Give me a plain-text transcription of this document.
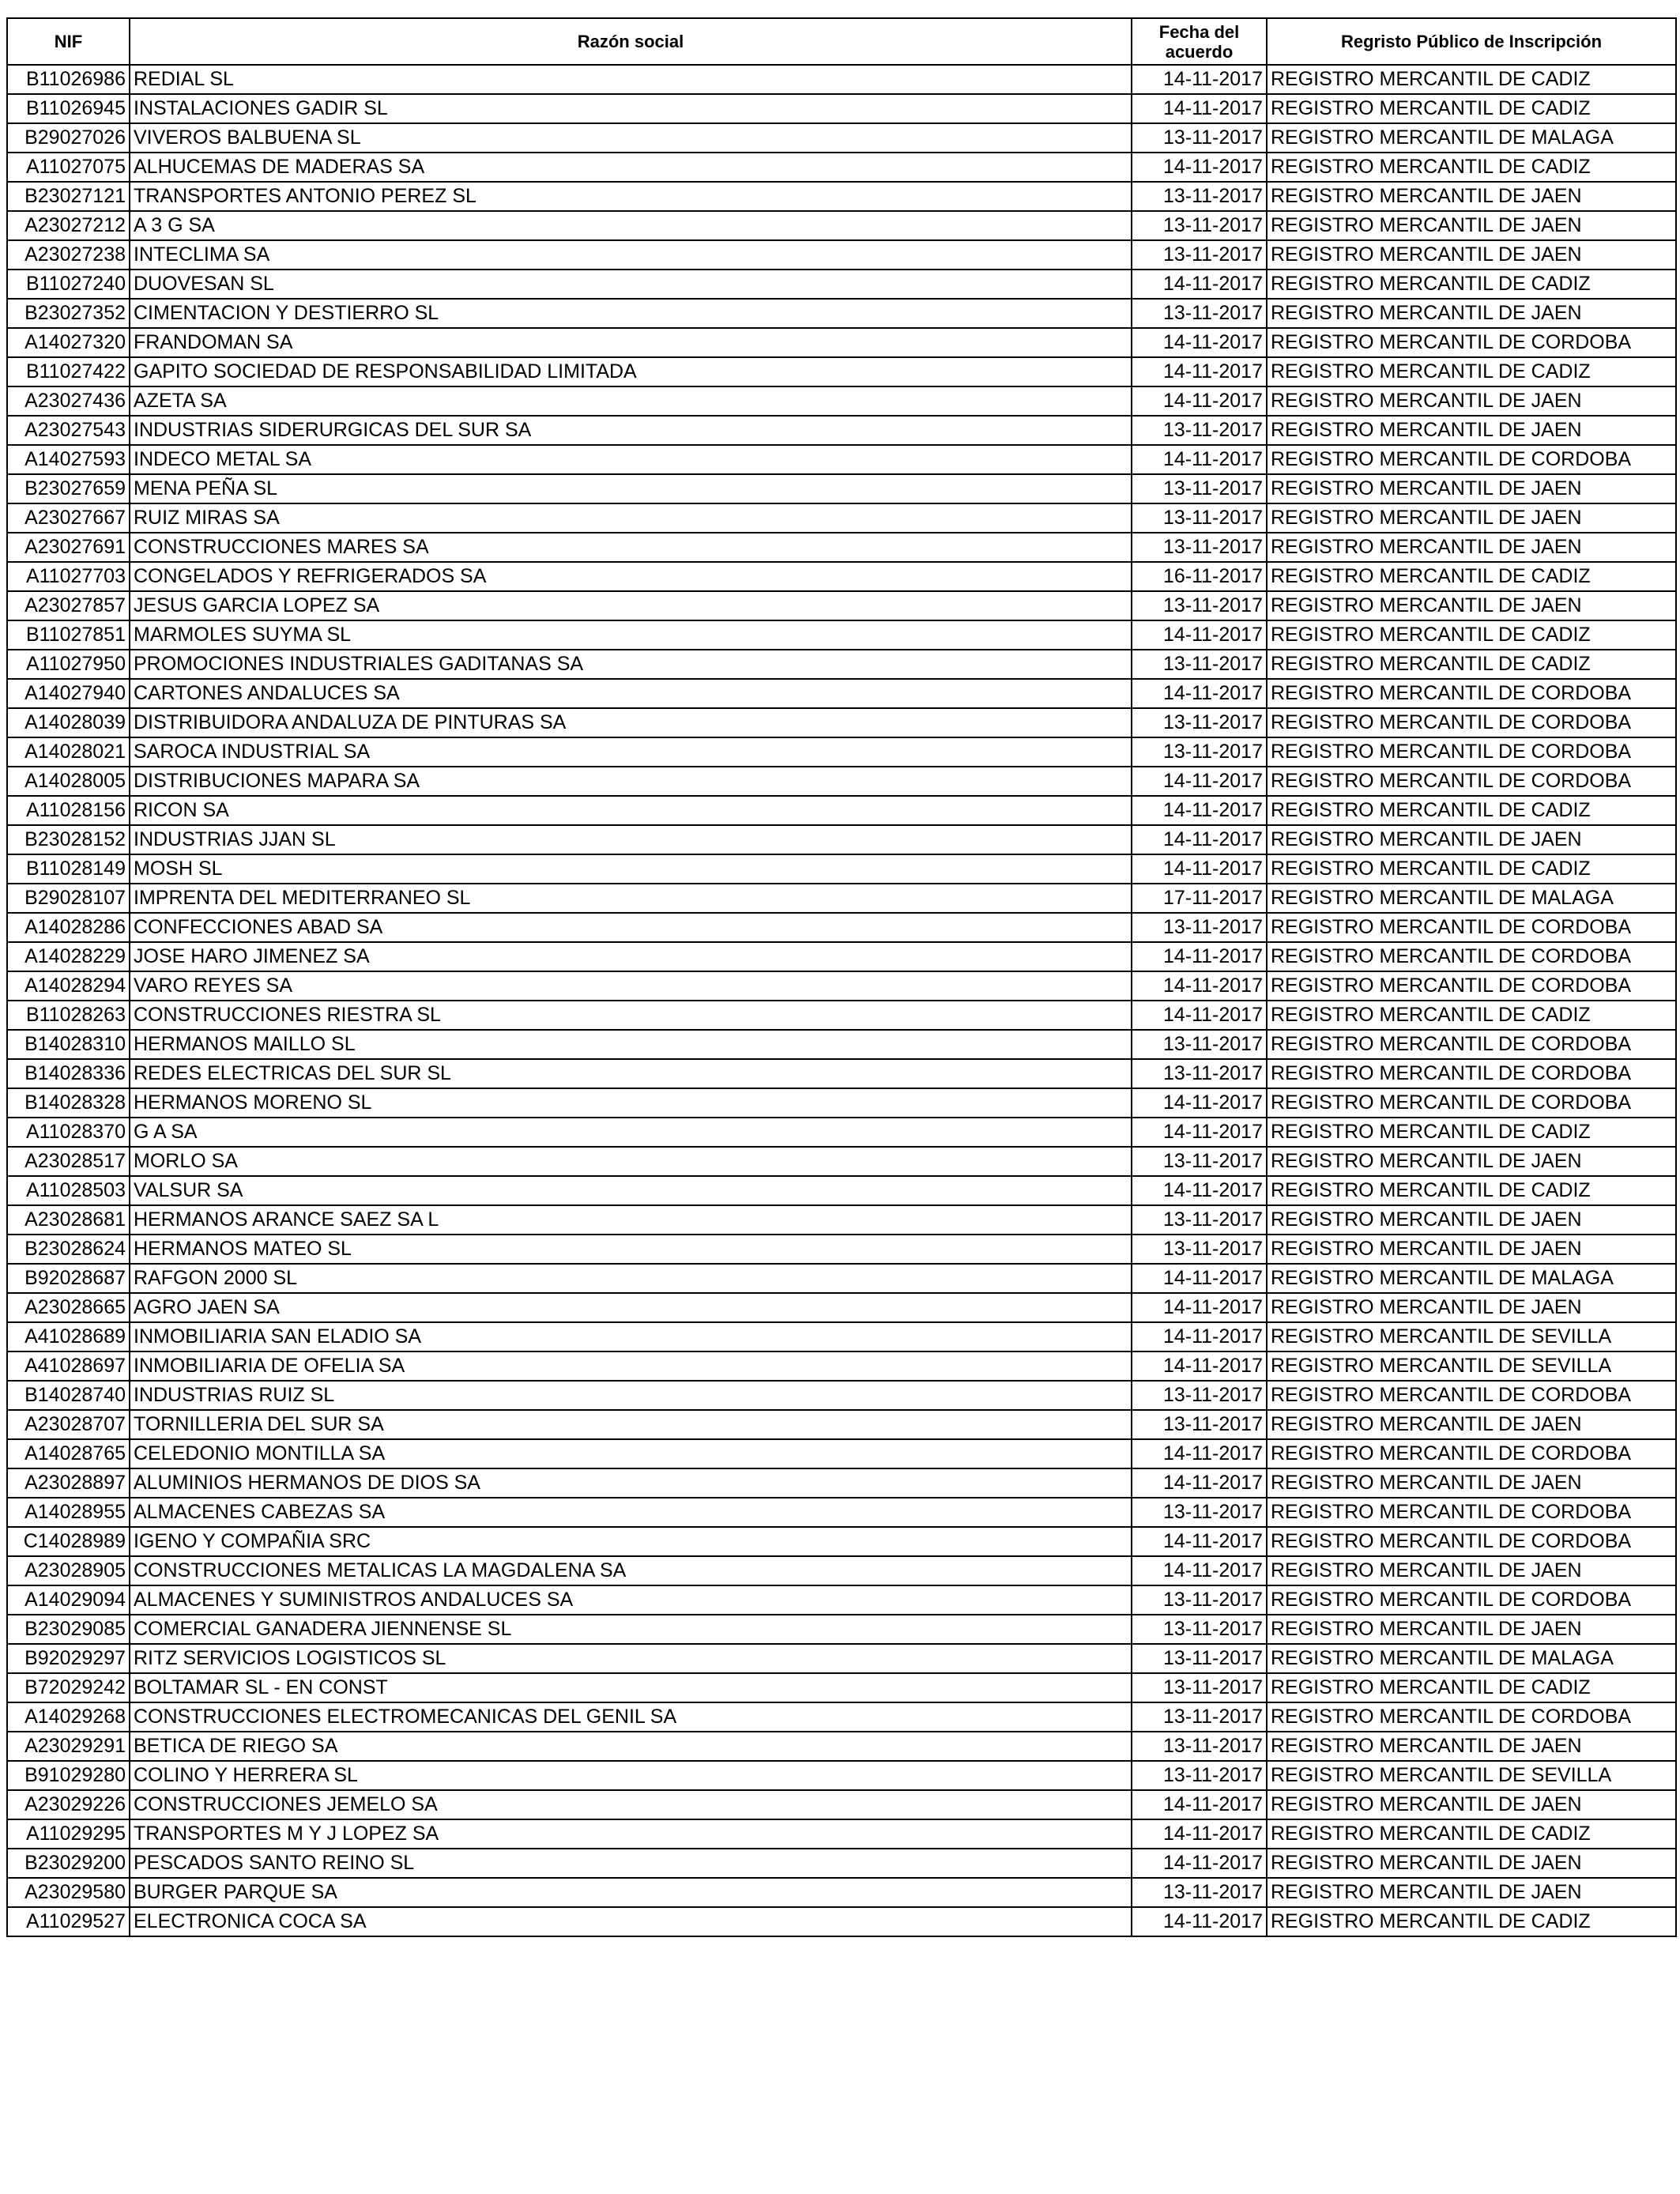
NIF	Razón social	Fecha del acuerdo	Regristo Público de Inscripción
B11026986	REDIAL SL	14-11-2017	REGISTRO MERCANTIL DE CADIZ
B11026945	INSTALACIONES GADIR SL	14-11-2017	REGISTRO MERCANTIL DE CADIZ
B29027026	VIVEROS BALBUENA SL	13-11-2017	REGISTRO MERCANTIL DE MALAGA
A11027075	ALHUCEMAS DE MADERAS SA	14-11-2017	REGISTRO MERCANTIL DE CADIZ
B23027121	TRANSPORTES ANTONIO PEREZ SL	13-11-2017	REGISTRO MERCANTIL DE JAEN
A23027212	A 3 G SA	13-11-2017	REGISTRO MERCANTIL DE JAEN
A23027238	INTECLIMA SA	13-11-2017	REGISTRO MERCANTIL DE JAEN
B11027240	DUOVESAN SL	14-11-2017	REGISTRO MERCANTIL DE CADIZ
B23027352	CIMENTACION Y DESTIERRO SL	13-11-2017	REGISTRO MERCANTIL DE JAEN
A14027320	FRANDOMAN SA	14-11-2017	REGISTRO MERCANTIL DE CORDOBA
B11027422	GAPITO SOCIEDAD DE RESPONSABILIDAD LIMITADA	14-11-2017	REGISTRO MERCANTIL DE CADIZ
A23027436	AZETA SA	14-11-2017	REGISTRO MERCANTIL DE JAEN
A23027543	INDUSTRIAS SIDERURGICAS DEL SUR SA	13-11-2017	REGISTRO MERCANTIL DE JAEN
A14027593	INDECO METAL SA	14-11-2017	REGISTRO MERCANTIL DE CORDOBA
B23027659	MENA PEÑA SL	13-11-2017	REGISTRO MERCANTIL DE JAEN
A23027667	RUIZ MIRAS SA	13-11-2017	REGISTRO MERCANTIL DE JAEN
A23027691	CONSTRUCCIONES MARES SA	13-11-2017	REGISTRO MERCANTIL DE JAEN
A11027703	CONGELADOS Y REFRIGERADOS SA	16-11-2017	REGISTRO MERCANTIL DE CADIZ
A23027857	JESUS GARCIA LOPEZ SA	13-11-2017	REGISTRO MERCANTIL DE JAEN
B11027851	MARMOLES SUYMA SL	14-11-2017	REGISTRO MERCANTIL DE CADIZ
A11027950	PROMOCIONES INDUSTRIALES GADITANAS SA	13-11-2017	REGISTRO MERCANTIL DE CADIZ
A14027940	CARTONES ANDALUCES SA	14-11-2017	REGISTRO MERCANTIL DE CORDOBA
A14028039	DISTRIBUIDORA ANDALUZA DE PINTURAS SA	13-11-2017	REGISTRO MERCANTIL DE CORDOBA
A14028021	SAROCA INDUSTRIAL SA	13-11-2017	REGISTRO MERCANTIL DE CORDOBA
A14028005	DISTRIBUCIONES MAPARA SA	14-11-2017	REGISTRO MERCANTIL DE CORDOBA
A11028156	RICON SA	14-11-2017	REGISTRO MERCANTIL DE CADIZ
B23028152	INDUSTRIAS JJAN SL	14-11-2017	REGISTRO MERCANTIL DE JAEN
B11028149	MOSH SL	14-11-2017	REGISTRO MERCANTIL DE CADIZ
B29028107	IMPRENTA DEL MEDITERRANEO SL	17-11-2017	REGISTRO MERCANTIL DE MALAGA
A14028286	CONFECCIONES ABAD SA	13-11-2017	REGISTRO MERCANTIL DE CORDOBA
A14028229	JOSE HARO JIMENEZ SA	14-11-2017	REGISTRO MERCANTIL DE CORDOBA
A14028294	VARO REYES SA	14-11-2017	REGISTRO MERCANTIL DE CORDOBA
B11028263	CONSTRUCCIONES RIESTRA SL	14-11-2017	REGISTRO MERCANTIL DE CADIZ
B14028310	HERMANOS MAILLO SL	13-11-2017	REGISTRO MERCANTIL DE CORDOBA
B14028336	REDES ELECTRICAS DEL SUR SL	13-11-2017	REGISTRO MERCANTIL DE CORDOBA
B14028328	HERMANOS MORENO SL	14-11-2017	REGISTRO MERCANTIL DE CORDOBA
A11028370	G A SA	14-11-2017	REGISTRO MERCANTIL DE CADIZ
A23028517	MORLO SA	13-11-2017	REGISTRO MERCANTIL DE JAEN
A11028503	VALSUR SA	14-11-2017	REGISTRO MERCANTIL DE CADIZ
A23028681	HERMANOS ARANCE SAEZ SA L	13-11-2017	REGISTRO MERCANTIL DE JAEN
B23028624	HERMANOS MATEO SL	13-11-2017	REGISTRO MERCANTIL DE JAEN
B92028687	RAFGON 2000 SL	14-11-2017	REGISTRO MERCANTIL DE MALAGA
A23028665	AGRO JAEN SA	14-11-2017	REGISTRO MERCANTIL DE JAEN
A41028689	INMOBILIARIA SAN ELADIO SA	14-11-2017	REGISTRO MERCANTIL DE SEVILLA
A41028697	INMOBILIARIA DE OFELIA SA	14-11-2017	REGISTRO MERCANTIL DE SEVILLA
B14028740	INDUSTRIAS RUIZ SL	13-11-2017	REGISTRO MERCANTIL DE CORDOBA
A23028707	TORNILLERIA DEL SUR SA	13-11-2017	REGISTRO MERCANTIL DE JAEN
A14028765	CELEDONIO MONTILLA SA	14-11-2017	REGISTRO MERCANTIL DE CORDOBA
A23028897	ALUMINIOS HERMANOS DE DIOS SA	14-11-2017	REGISTRO MERCANTIL DE JAEN
A14028955	ALMACENES CABEZAS SA	13-11-2017	REGISTRO MERCANTIL DE CORDOBA
C14028989	IGENO Y COMPAÑIA SRC	14-11-2017	REGISTRO MERCANTIL DE CORDOBA
A23028905	CONSTRUCCIONES METALICAS LA MAGDALENA SA	14-11-2017	REGISTRO MERCANTIL DE JAEN
A14029094	ALMACENES Y SUMINISTROS ANDALUCES SA	13-11-2017	REGISTRO MERCANTIL DE CORDOBA
B23029085	COMERCIAL GANADERA JIENNENSE SL	13-11-2017	REGISTRO MERCANTIL DE JAEN
B92029297	RITZ SERVICIOS LOGISTICOS SL	13-11-2017	REGISTRO MERCANTIL DE MALAGA
B72029242	BOLTAMAR SL - EN CONST	13-11-2017	REGISTRO MERCANTIL DE CADIZ
A14029268	CONSTRUCCIONES ELECTROMECANICAS DEL GENIL SA	13-11-2017	REGISTRO MERCANTIL DE CORDOBA
A23029291	BETICA DE RIEGO SA	13-11-2017	REGISTRO MERCANTIL DE JAEN
B91029280	COLINO Y HERRERA SL	13-11-2017	REGISTRO MERCANTIL DE SEVILLA
A23029226	CONSTRUCCIONES JEMELO SA	14-11-2017	REGISTRO MERCANTIL DE JAEN
A11029295	TRANSPORTES M Y J LOPEZ SA	14-11-2017	REGISTRO MERCANTIL DE CADIZ
B23029200	PESCADOS SANTO REINO SL	14-11-2017	REGISTRO MERCANTIL DE JAEN
A23029580	BURGER PARQUE SA	13-11-2017	REGISTRO MERCANTIL DE JAEN
A11029527	ELECTRONICA COCA SA	14-11-2017	REGISTRO MERCANTIL DE CADIZ
